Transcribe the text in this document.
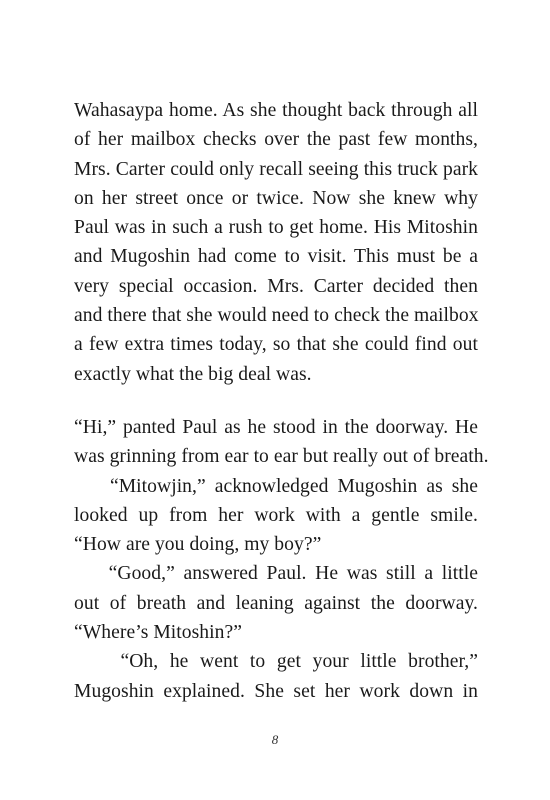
Wahasaypa home. As she thought back through all
of her mailbox checks over the past few months,
Mrs. Carter could only recall seeing this truck park
on her street once or twice. Now she knew why
Paul was in such a rush to get home. His Mitoshin
and Mugoshin had come to visit. This must be a
very special occasion. Mrs. Carter decided then
and there that she would need to check the mailbox
a few extra times today, so that she could find out
exactly what the big deal was.
“Hi,” panted Paul as he stood in the doorway. He
was grinning from ear to ear but really out of breath.
“Mitowjin,” acknowledged Mugoshin as she
looked up from her work with a gentle smile.
“How are you doing, my boy?”
“Good,” answered Paul. He was still a little
out of breath and leaning against the doorway.
“Where’s Mitoshin?”
“Oh, he went to get your little brother,”
Mugoshin explained. She set her work down in
8
